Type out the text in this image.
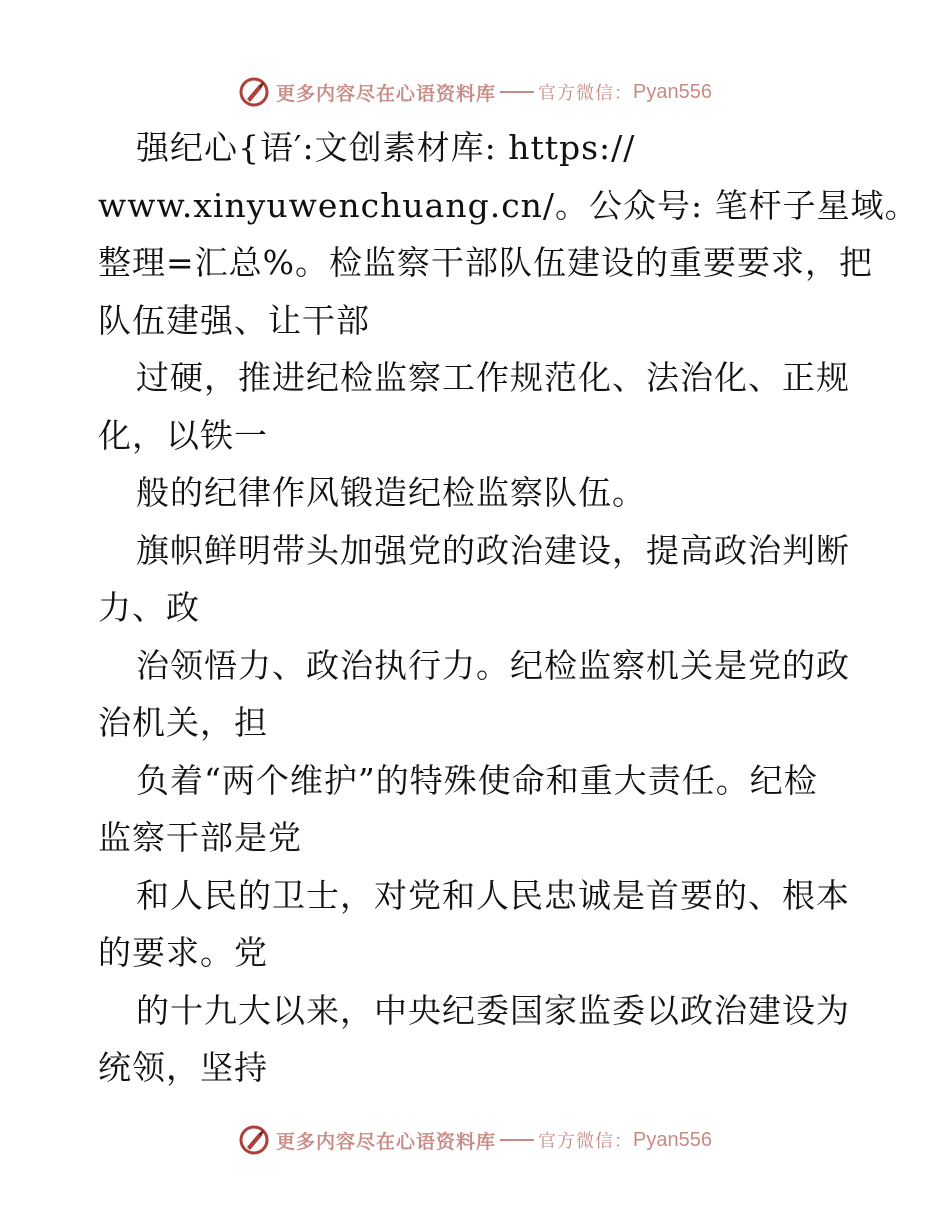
更多内容尽在心语资料库 官方微信： Pyan556
强纪心{语′:文创素材库: https://
www.xinyuwenchuang.cn/。公众号: 笔杆子星域。
整理=汇总%。检监察干部队伍建设的重要要求，把
队伍建强、让干部
过硬，推进纪检监察工作规范化、法治化、正规
化，以铁一
般的纪律作风锻造纪检监察队伍。
旗帜鲜明带头加强党的政治建设，提高政治判断
力、政
治领悟力、政治执行力。纪检监察机关是党的政
治机关，担
负着“两个维护”的特殊使命和重大责任。纪检
监察干部是党
和人民的卫士，对党和人民忠诚是首要的、根本
的要求。党
的十九大以来，中央纪委国家监委以政治建设为
统领，坚持
更多内容尽在心语资料库 官方微信： Pyan556
